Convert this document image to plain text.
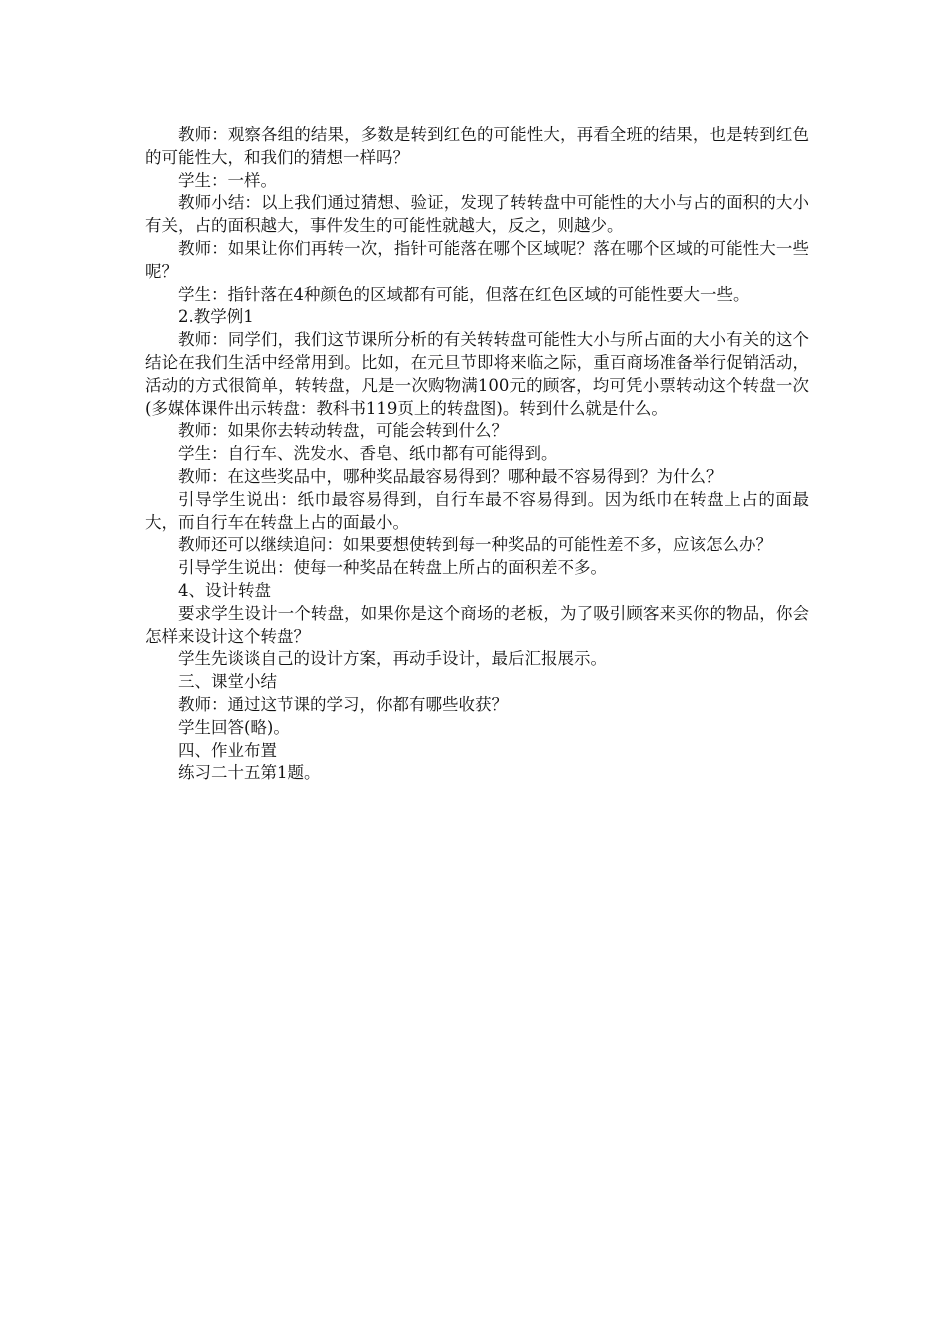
教师：观察各组的结果，多数是转到红色的可能性大，再看全班的结果，也是转到红色的可能性大，和我们的猜想一样吗？

学生：一样。

教师小结：以上我们通过猜想、验证，发现了转转盘中可能性的大小与占的面积的大小有关，占的面积越大，事件发生的可能性就越大，反之，则越少。

教师：如果让你们再转一次，指针可能落在哪个区域呢？落在哪个区域的可能性大一些呢？

学生：指针落在4种颜色的区域都有可能，但落在红色区域的可能性要大一些。

2.教学例1

教师：同学们，我们这节课所分析的有关转转盘可能性大小与所占面的大小有关的这个结论在我们生活中经常用到。比如，在元旦节即将来临之际，重百商场准备举行促销活动，活动的方式很简单，转转盘，凡是一次购物满100元的顾客，均可凭小票转动这个转盘一次(多媒体课件出示转盘：教科书119页上的转盘图)。转到什么就是什么。

教师：如果你去转动转盘，可能会转到什么？

学生：自行车、洗发水、香皂、纸巾都有可能得到。

教师：在这些奖品中，哪种奖品最容易得到？哪种最不容易得到？为什么？

引导学生说出：纸巾最容易得到，自行车最不容易得到。因为纸巾在转盘上占的面最大，而自行车在转盘上占的面最小。

教师还可以继续追问：如果要想使转到每一种奖品的可能性差不多，应该怎么办？

引导学生说出：使每一种奖品在转盘上所占的面积差不多。

4、设计转盘

要求学生设计一个转盘，如果你是这个商场的老板，为了吸引顾客来买你的物品，你会怎样来设计这个转盘？

学生先谈谈自己的设计方案，再动手设计，最后汇报展示。

三、课堂小结

教师：通过这节课的学习，你都有哪些收获？

学生回答(略)。

四、作业布置

练习二十五第1题。
